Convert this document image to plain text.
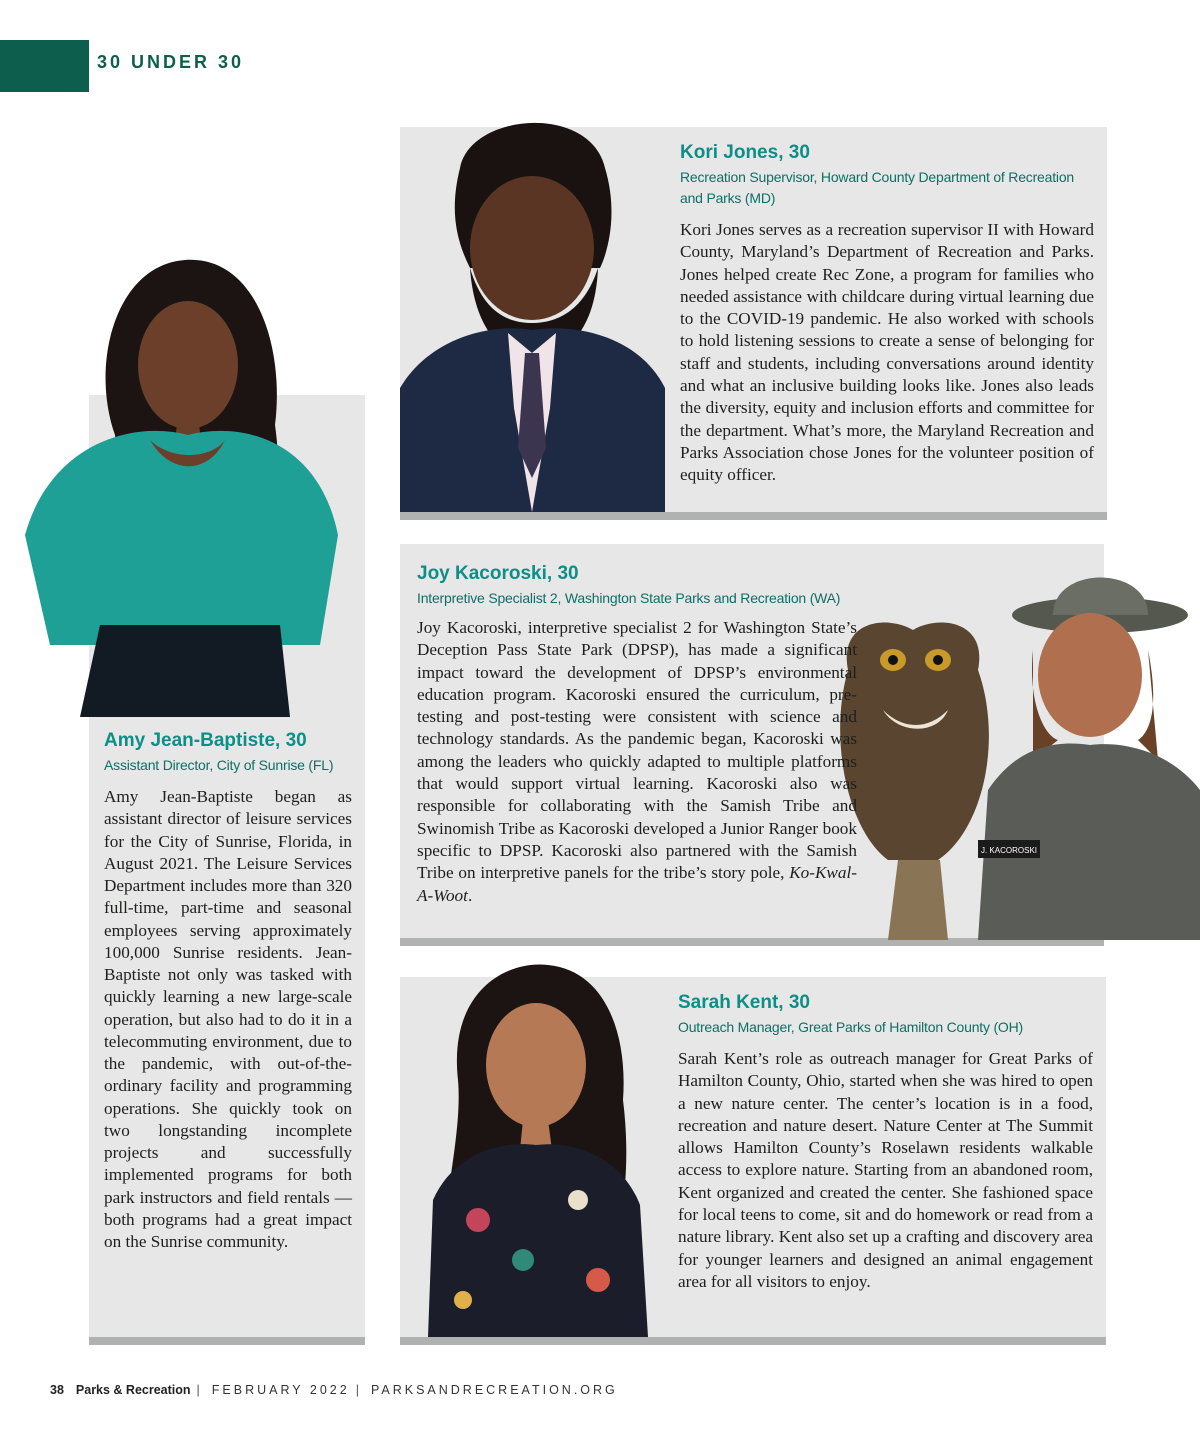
30 UNDER 30

Amy Jean-Baptiste, 30

Assistant Director, City of Sunrise (FL)

Amy Jean-Baptiste began as assistant director of leisure services for the City of Sunrise, Florida, in August 2021. The Leisure Services Department includes more than 320 full-time, part-time and seasonal employees serving approximately 100,000 Sunrise residents. Jean-Baptiste not only was tasked with quickly learning a new large-scale operation, but also had to do it in a telecommuting environment, due to the pandemic, with out-of-the-ordinary facility and programming operations. She quickly took on two longstanding incomplete projects and successfully implemented programs for both park instructors and field rentals — both programs had a great impact on the Sunrise community.

Kori Jones, 30

Recreation Supervisor, Howard County Department of Recreation and Parks (MD)

Kori Jones serves as a recreation supervisor II with Howard County, Maryland’s Department of Recreation and Parks. Jones helped create Rec Zone, a program for families who needed assistance with childcare during virtual learning due to the COVID-19 pandemic. He also worked with schools to hold listening sessions to create a sense of belonging for staff and students, including conversations around identity and what an inclusive building looks like. Jones also leads the diversity, equity and inclusion efforts and committee for the department. What’s more, the Maryland Recreation and Parks Association chose Jones for the volunteer position of equity officer.

J. KACOROSKI
Joy Kacoroski, 30

Interpretive Specialist 2, Washington State Parks and Recreation (WA)

Joy Kacoroski, interpretive specialist 2 for Washington State’s Deception Pass State Park (DPSP), has made a significant impact toward the development of DPSP’s environmental education program. Kacoroski ensured the curriculum, pre-testing and post-testing were consistent with science and technology standards. As the pandemic began, Kacoroski was among the leaders who quickly adapted to multiple platforms that would support virtual learning. Kacoroski also was responsible for collaborating with the Samish Tribe and Swinomish Tribe as Kacoroski developed a Junior Ranger book specific to DPSP. Kacoroski also partnered with the Samish Tribe on interpretive panels for the tribe’s story pole, Ko-Kwal-A-Woot.

Sarah Kent, 30

Outreach Manager, Great Parks of Hamilton County (OH)

Sarah Kent’s role as outreach manager for Great Parks of Hamilton County, Ohio, started when she was hired to open a new nature center. The center’s location is in a food, recreation and nature desert. Nature Center at The Summit allows Hamilton County’s Roselawn residents walkable access to explore nature. Starting from an abandoned room, Kent organized and created the center. She fashioned space for local teens to come, sit and do homework or read from a nature library. Kent also set up a crafting and discovery area for younger learners and designed an animal engagement area for all visitors to enjoy.

38 Parks & Recreation | FEBRUARY 2022 | PARKSANDRECREATION.ORG
